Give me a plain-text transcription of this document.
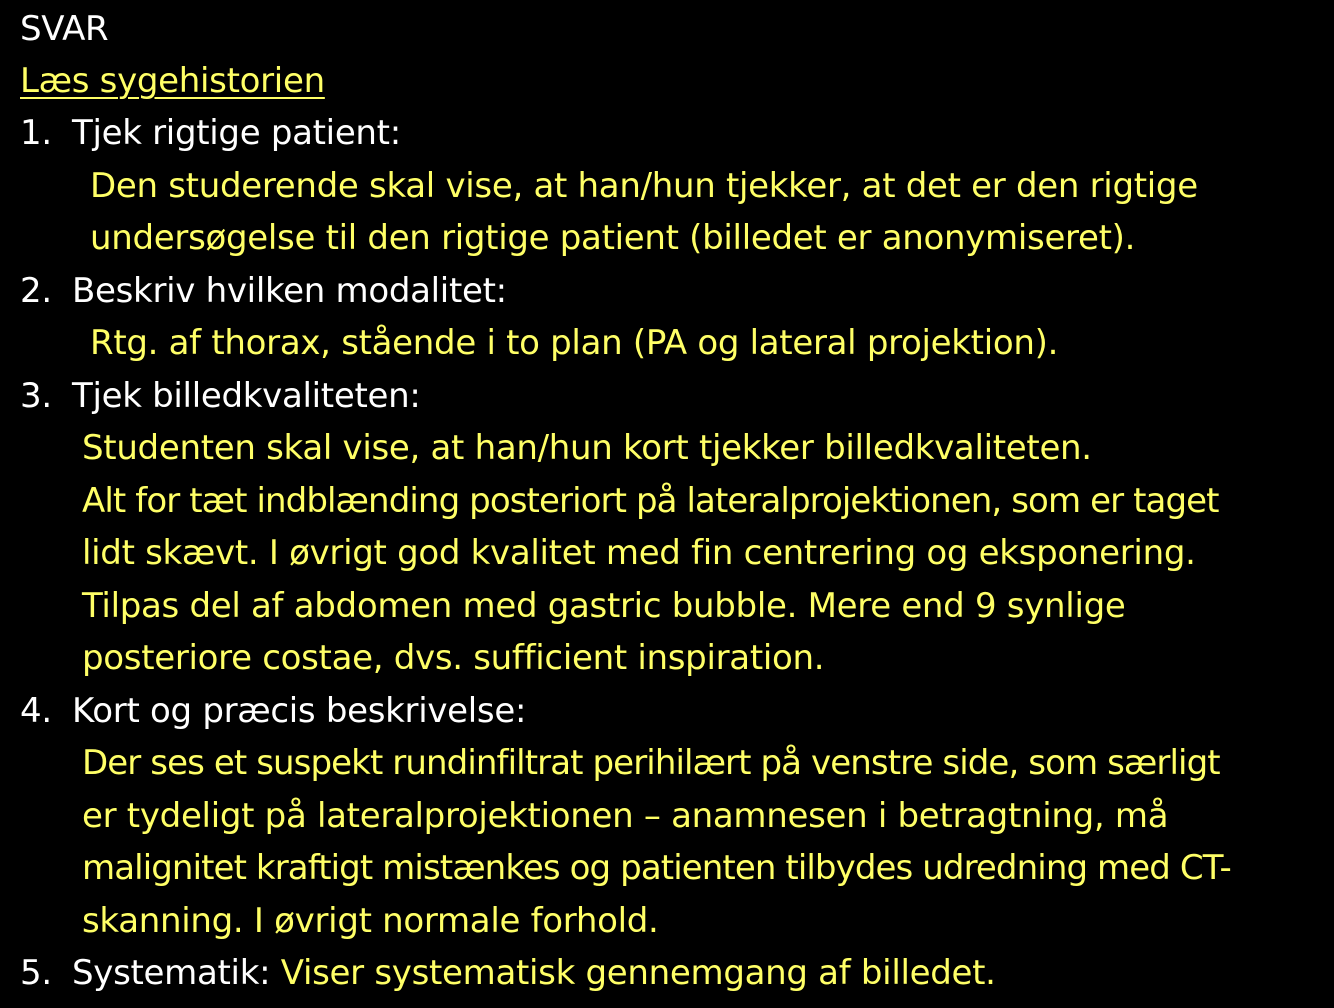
SVAR
Læs sygehistorien
1. Tjek rigtige patient:
Den studerende skal vise, at han/hun tjekker, at det er den rigtige
undersøgelse til den rigtige patient (billedet er anonymiseret).
2. Beskriv hvilken modalitet:
Rtg. af thorax, stående i to plan (PA og lateral projektion).
3. Tjek billedkvaliteten:
Studenten skal vise, at han/hun kort tjekker billedkvaliteten.
Alt for tæt indblænding posteriort på lateralprojektionen, som er taget
lidt skævt. I øvrigt god kvalitet med fin centrering og eksponering.
Tilpas del af abdomen med gastric bubble. Mere end 9 synlige
posteriore costae, dvs. sufficient inspiration.
4. Kort og præcis beskrivelse:
Der ses et suspekt rundinfiltrat perihilært på venstre side, som særligt
er tydeligt på lateralprojektionen – anamnesen i betragtning, må
malignitet kraftigt mistænkes og patienten tilbydes udredning med CT-
skanning. I øvrigt normale forhold.
5. Systematik: Viser systematisk gennemgang af billedet.
